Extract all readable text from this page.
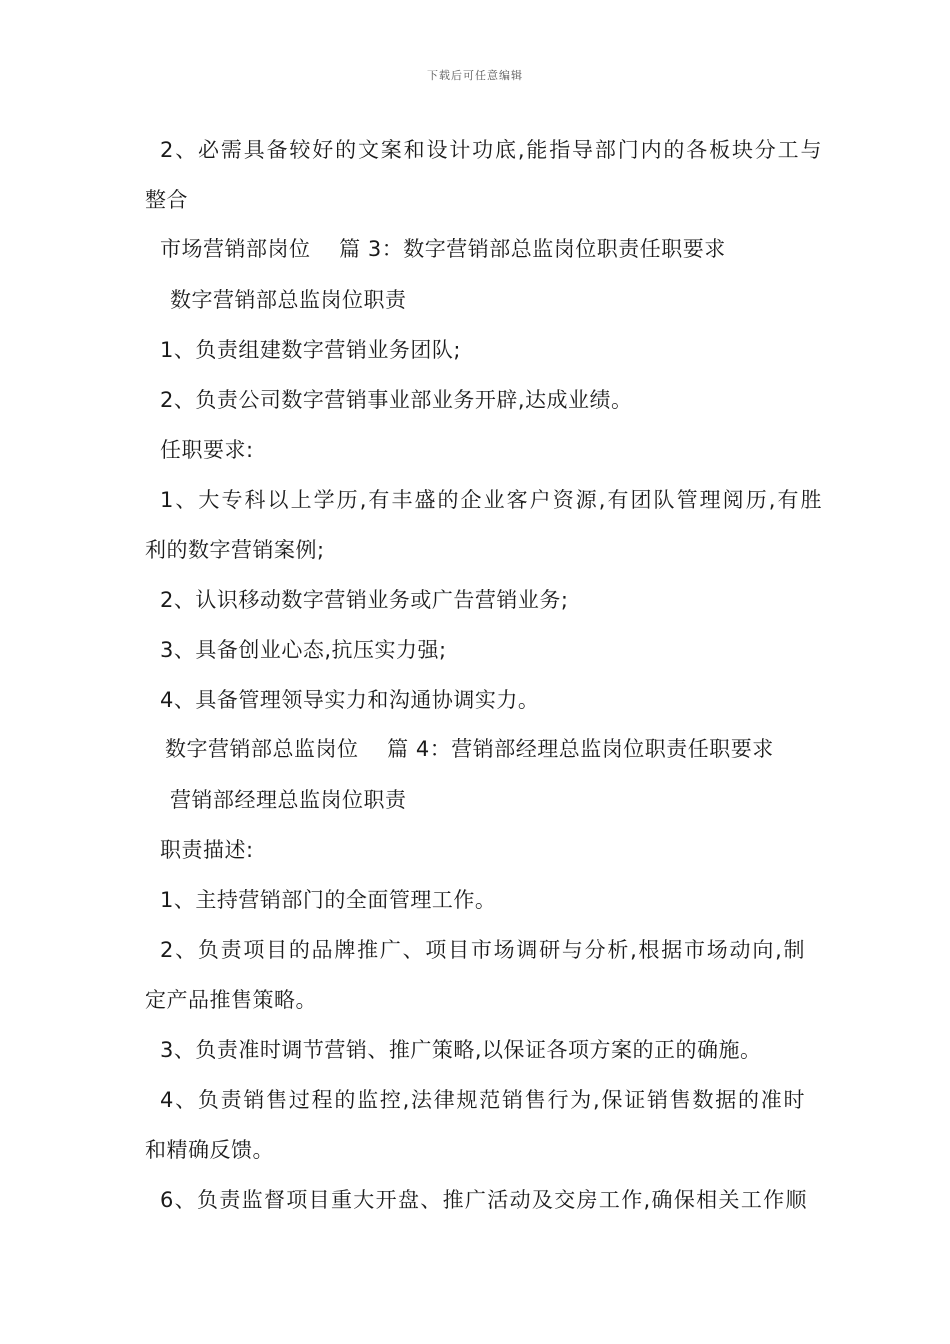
下载后可任意编辑
2、必需具备较好的文案和设计功底,能指导部门内的各板块分工与
整合
市场营销部岗位　 篇 3：数字营销部总监岗位职责任职要求
数字营销部总监岗位职责
1、负责组建数字营销业务团队;
2、负责公司数字营销事业部业务开辟,达成业绩。
任职要求:
1、大专科以上学历,有丰盛的企业客户资源,有团队管理阅历,有胜
利的数字营销案例;
2、认识移动数字营销业务或广告营销业务;
3、具备创业心态,抗压实力强;
4、具备管理领导实力和沟通协调实力。
数字营销部总监岗位　 篇 4：营销部经理总监岗位职责任职要求
营销部经理总监岗位职责
职责描述:
1、主持营销部门的全面管理工作。
2、负责项目的品牌推广、项目市场调研与分析,根据市场动向,制
定产品推售策略。
3、负责准时调节营销、推广策略,以保证各项方案的正的确施。
4、负责销售过程的监控,法律规范销售行为,保证销售数据的准时
和精确反馈。
6、负责监督项目重大开盘、推广活动及交房工作,确保相关工作顺
